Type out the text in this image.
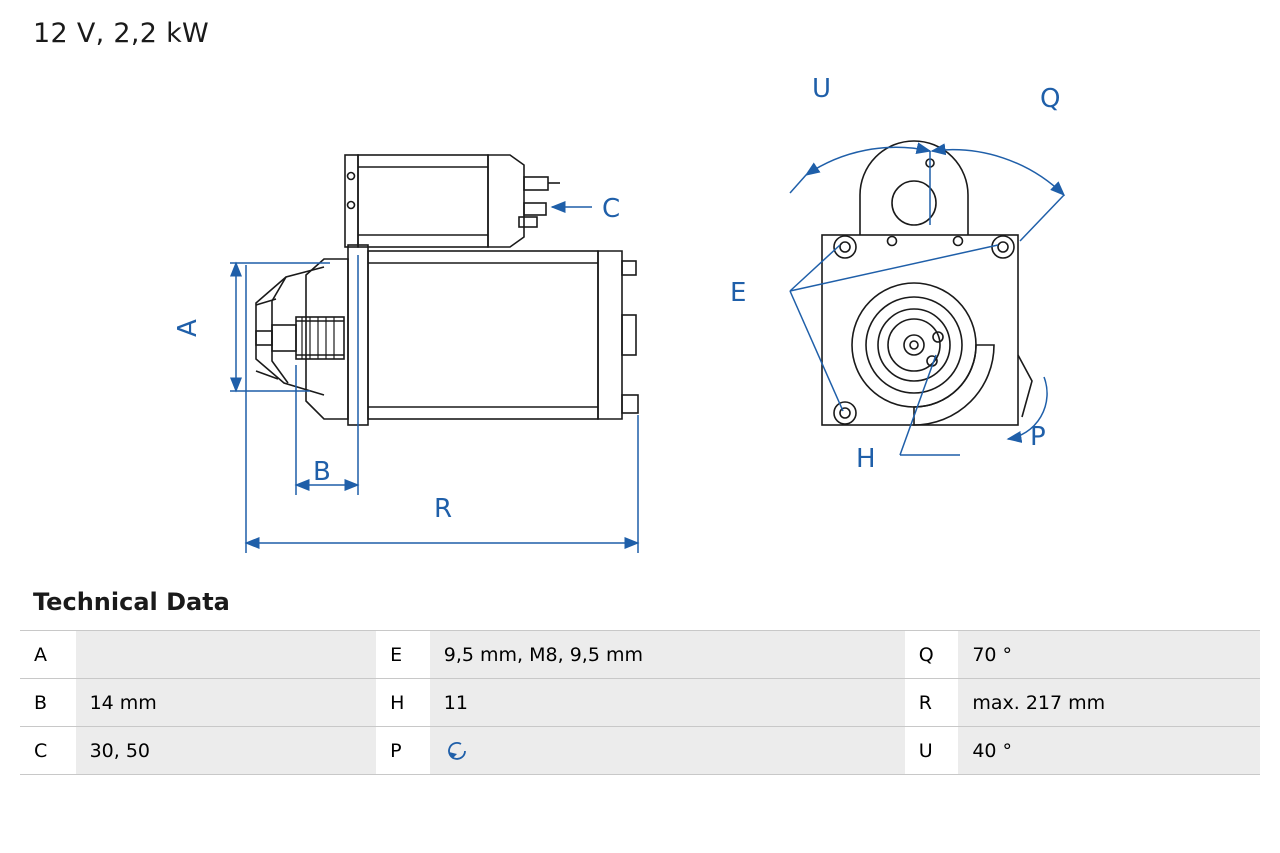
12 V, 2,2 kW
A
B
C
R
E
H
P
Q
U
Technical Data
A		E	9,5 mm, M8, 9,5 mm	Q	70 °
B	14 mm	H	11	R	max. 217 mm
C	30, 50	P		U	40 °
